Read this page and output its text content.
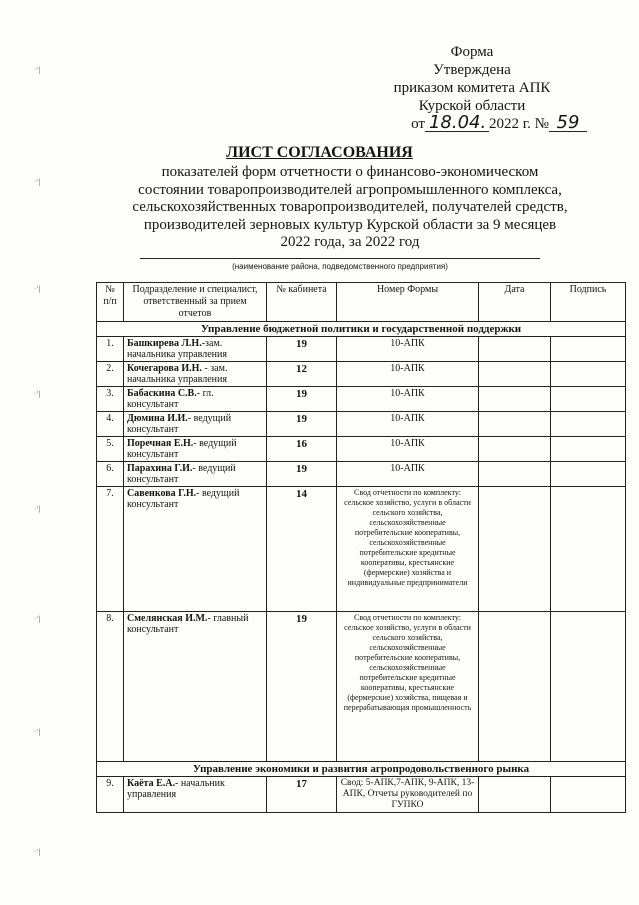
·'|
·'|
·'|
·'|
·'|
·'|
·'|
·'|
Форма
Утверждена
приказом комитета АПК
Курской области
от 18.04. 2022 г. № 59
ЛИСТ СОГЛАСОВАНИЯ
показателей форм отчетности о финансово-экономическом состоянии товаропроизводителей агропромышленного комплекса, сельскохозяйственных товаропроизводителей, получателей средств, производителей зерновых культур Курской области за 9 месяцев 2022 года, за 2022 год
(наименование района, подведомственного предприятия)
№ п/п	Подразделение и специалист, ответственный за прием отчетов	№ кабинета	Номер Формы	Дата	Подпись
Управление бюджетной политики и государственной поддержки					
1.	Башкирева Л.Н.-зам. начальника управления	19	10-АПК		
2.	Кочегарова И.Н. - зам. начальника управления	12	10-АПК		
3.	Бабаскина С.В.- гл. консультант	19	10-АПК		
4.	Дюмина И.И.- ведущий консультант	19	10-АПК		
5.	Поречная Е.Н.- ведущий консультант	16	10-АПК		
6.	Парахина Г.И.- ведущий консультант	19	10-АПК		
7.	Савенкова Г.Н.- ведущий консультант	14	Свод отчетности по комплекту: сельское хозяйство, услуги в области сельского хозяйства, сельскохозяйственные потребительские кооперативы, сельскохозяйственные потребительские кредитные кооперативы, крестьянские (фермерские) хозяйства и индивидуальные предприниматели		
8.	Смелянская И.М.- главный консультант	19	Свод отчетности по комплекту: сельское хозяйство, услуги в области сельского хозяйства, сельскохозяйственные потребительские кооперативы, сельскохозяйственные потребительские кредитные кооперативы, крестьянские (фермерские) хозяйства, пищевая и перерабатывающая промышленность		
Управление экономики и развития агропродовольственного рынка					
9.	Каёта Е.А.- начальник управления	17	Свод: 5-АПК,7-АПК, 9-АПК, 13-АПК, Отчеты руководителей по ГУПКО		
